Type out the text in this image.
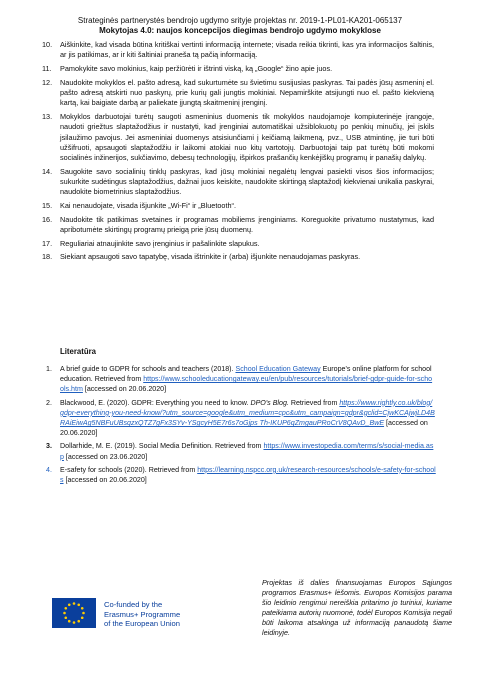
Strateginės partnerystės bendrojo ugdymo srityje projektas nr. 2019-1-PL01-KA201-065137
Mokytojas 4.0: naujos koncepcijos diegimas bendrojo ugdymo mokyklose
10. Aiškinkite, kad visada būtina kritiškai vertinti informaciją internete; visada reikia tikrinti, kas yra informacijos šaltinis, ar jis patikimas, ar ir kiti šaltiniai praneša tą pačią informaciją.
11. Pamokykite savo mokinius, kaip peržiūrėti ir ištrinti viską, ką „Google“ žino apie juos.
12. Naudokite mokyklos el. pašto adresą, kad sukurtumėte su švietimu susijusias paskyras. Tai padės jūsų asmeninį el. pašto adresą atskirti nuo paskyrų, prie kurių gali jungtis mokiniai. Nepamirškite atsijungti nuo el. pašto kiekvieną kartą, kai baigiate darbą ar paliekate įjungtą skaitmeninį įrenginį.
13. Mokyklos darbuotojai turėtų saugoti asmeninius duomenis tik mokyklos naudojamoje kompiuterinėje įrangoje, naudoti griežtus slaptažodžius ir nustatyti, kad įrenginiai automatiškai užsiblokuotų po penkių minučių, jei įskils jsilaužimo pavojus. Jei asmeniniai duomenys atsisiunčiami į keičiamą laikmeną, pvz., USB atmintinę, jie turi būti užšifruoti, apsaugoti slaptažodžiu ir laikomi atokiai nuo kitų vartotojų. Darbuotojai taip pat turėtų būti mokomi socialinės inžinerijos, sukčiavimo, debesų technologijų, išpirkos prašančių kenkėjiškų programų ir panašių dalykų.
14. Saugokite savo socialinių tinklų paskyras, kad jūsų mokiniai negalėtų lengvai pasiekti visos šios informacijos; sukurkite sudėtingus slaptažodžius, dažnai juos keiskite, naudokite skirtingą slaptažodį kiekvienai unikalia paskyrai, naudokite biometrinius slaptažodžius.
15. Kai nenaudojate, visada išjunkite „Wi-Fi“ ir „Bluetooth“.
16. Naudokite tik patikimas svetaines ir programas mobiliems įrenginiams. Koreguokite privatumo nustatymus, kad apribotumėte skirtingų programų prieigą prie jūsų duomenų.
17. Reguliariai atnaujinkite savo įrenginius ir pašalinkite slapukus.
18. Siekiant apsaugoti savo tapatybę, visada ištrinkite ir (arba) išjunkite nenaudojamas paskyras.
Literatūra
1. A brief guide to GDPR for schools and teachers (2018). School Education Gateway Europe's online platform for school education. Retrieved from https://www.schooleducationgateway.eu/en/pub/resources/tutorials/brief-gdpr-guide-for-schools.htm [accessed on 20.06.2020]
2. Blackwood, E. (2020). GDPR: Everything you need to know. DPO's Blog. Retrieved from https://www.rightly.co.uk/blog/gdpr-everything-you-need-know/?utm_source=google&utm_medium=cpc&utm_campaign=gdpr&gclid=CjwKCAjwjLD4BRAiEiwAg5NBFuUBsqzxQTZ7gFx3SYv-YSgcyH5E7r6s7oGjps Th-IKUP6qZmgauPRoCrV8QAvD_BwE [accessed on 20.06.2020]
3. Dollarhide, M. E. (2019). Social Media Definition. Retrieved from https://www.investopedia.com/terms/s/social-media.asp [accessed on 23.06.2020]
4. E-safety for schools (2020). Retrieved from https://learning.nspcc.org.uk/research-resources/schools/e-safety-for-schools [accessed on 20.06.2020]
Co-funded by the
Erasmus+ Programme
of the European Union
Projektas iš dalies finansuojamas Europos Sąjungos programos Erasmus+ lėšomis. Europos Komisijos parama šio leidinio rengimui nereiškia pritarimo jo turiniui, kuriame pateikiama autorių nuomonė, todėl Europos Komisija negali būti laikoma atsakinga už informaciją panaudotą šiame leidinyje.
